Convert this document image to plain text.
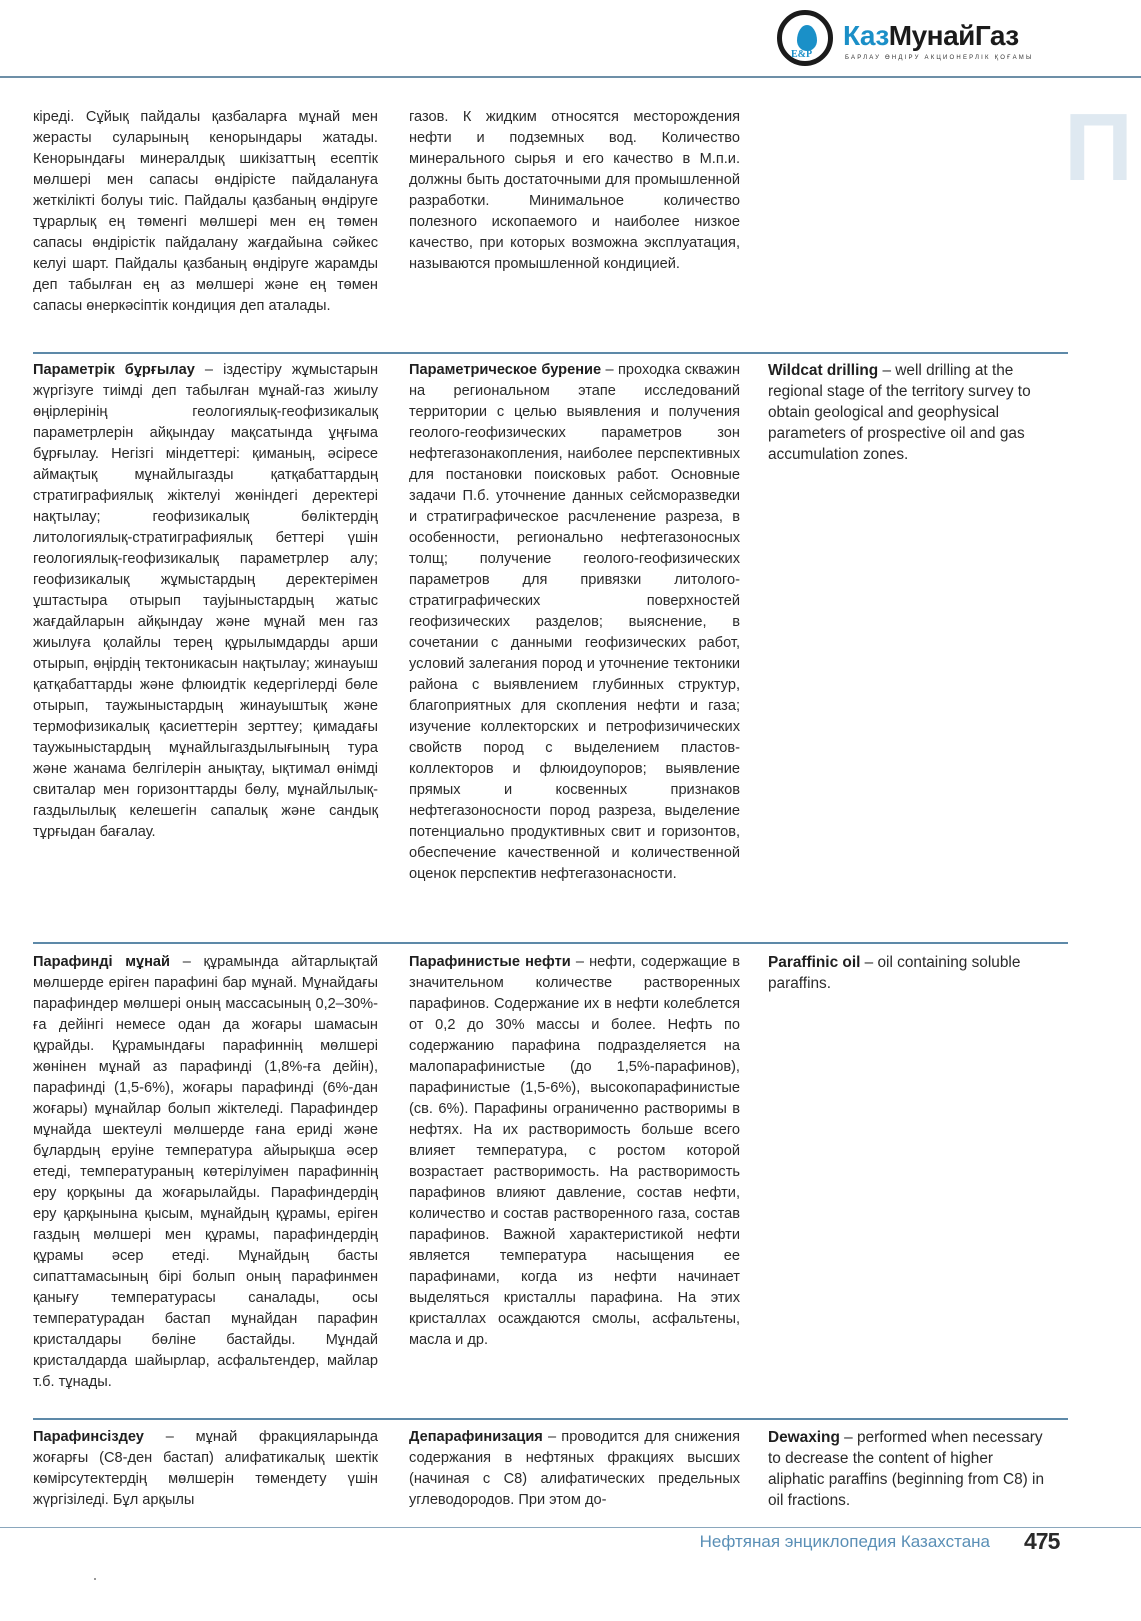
E&P
КазМунайГаз
БАРЛАУ ӨНДІРУ АКЦИОНЕРЛІК ҚОҒАМЫ
П
кіреді. Сұйық пайдалы қазбаларға мұнай мен жерасты суларының кенорындары жатады. Кенорындағы минералдық шикізаттың есептік мөлшері мен сапасы өндірісте пайдалануға жеткілікті болуы тиіс. Пайдалы қазбаның өндіруге тұрарлық ең төменгі мөлшері мен ең төмен сапасы өндірістік пайдалану жағдайына сәйкес келуі шарт. Пайдалы қазбаның өндіруге жарамды деп табылған ең аз мөлшері және ең төмен сапасы өнеркәсіптік кондиция деп аталады.
газов. К жидким относятся месторождения нефти и подземных вод. Количество минерального сырья и его качество в М.п.и. должны быть достаточными для промышленной разработки. Минимальное количество полезного ископаемого и наиболее низкое качество, при которых возможна эксплуатация, называются промышленной кондицией.
Параметрік бұрғылау – іздестіру жұмыстарын жүргізуге тиімді деп табылған мұнай-газ жиылу өңірлерінің геологиялық-геофизикалық параметрлерін айқындау мақсатында ұңғыма бұрғылау. Негізгі міндеттері: қиманың, әсіресе аймақтық мұнайлыгазды қатқабаттардың стратиграфиялық жіктелуі жөніндегі деректері нақтылау; геофизикалық бөліктердің литологиялық-стратиграфиялық беттері үшін геологиялық-геофизикалық параметрлер алу; геофизикалық жұмыстардың деректерімен ұштастыра отырып тауjыныстардың жатыс жағдайларын айқындау және мұнай мен газ жиылуға қолайлы терең құрылымдарды арши отырып, өңірдің тектоникасын нақтылау; жинауыш қатқабаттарды және флюидтік кедергілерді бөле отырып, таужыныстардың жинауыштық және термофизикалық қасиеттерін зерттеу; қимадағы таужыныстардың мұнайлыгаздылығының тура және жанама белгілерін анықтау, ықтимал өнімді свиталар мен горизонттарды бөлу, мұнайлылық-газдылылық келешегін сапалық және сандық тұрғыдан бағалау.
Параметрическое бурение – проходка скважин на региональном этапе исследований территории с целью выявления и получения геолого-геофизических параметров зон нефтегазонакопления, наиболее перспективных для постановки поисковых работ. Основные задачи П.б. уточнение данных сейсморазведки и стратиграфическое расчленение разреза, в особенности, регионально нефтегазоносных толщ; получение геолого-геофизических параметров для привязки литолого-стратиграфических поверхностей геофизических разделов; выяснение, в сочетании с данными геофизических работ, условий залегания пород и уточнение тектоники района с выявлением глубинных структур, благоприятных для скопления нефти и газа; изучение коллекторских и петрофизичических свойств пород с выделением пластов-коллекторов и флюидоупоров; выявление прямых и косвенных признаков нефтегазоносности пород разреза, выделение потенциально продуктивных свит и горизонтов, обеспечение качественной и количественной оценок перспектив нефтегазонасности.
Wildcat drilling – well drilling at the regional stage of the territory survey to obtain geological and geophysical parameters of prospective oil and gas accumulation zones.
Парафинді мұнай – құрамында айтарлықтай мөлшерде еріген парафині бар мұнай. Мұнайдағы парафиндер мөлшері оның массасының 0,2–30%-ға дейінгі немесе одан да жоғары шамасын құрайды. Құрамындағы парафиннің мөлшері жөнінен мұнай аз парафинді (1,8%-ға дейін), парафинді (1,5-6%), жоғары парафинді (6%-дан жоғары) мұнайлар болып жіктеледі. Парафиндер мұнайда шектеулі мөлшерде ғана ериді және бұлардың еруіне температура айырықша әсер етеді, температураның көтерілуімен парафиннің еру қорқыны да жоғарылайды. Парафиндердің еру қарқынына қысым, мұнайдың құрамы, еріген газдың мөлшері мен құрамы, парафиндердің құрамы әсер етеді. Мұнайдың басты сипаттамасының бірі болып оның парафинмен қанығу температурасы саналады, осы температурадан бастап мұнайдан парафин кристалдары бөліне бастайды. Мұндай кристалдарда шайырлар, асфальтендер, майлар т.б. тұнады.
Парафинистые нефти – нефти, содержащие в значительном количестве растворенных парафинов. Содержание их в нефти колеблется от 0,2 до 30% массы и более. Нефть по содержанию парафина подразделяется на малопарафинистые (до 1,5%-парафинов), парафинистые (1,5-6%), высокопарафинистые (св. 6%). Парафины ограниченно растворимы в нефтях. На их растворимость больше всего влияет температура, с ростом которой возрастает растворимость. На растворимость парафинов влияют давление, состав нефти, количество и состав растворенного газа, состав парафинов. Важной характеристикой нефти является температура насыщения ее парафинами, когда из нефти начинает выделяться кристаллы парафина. На этих кристаллах осаждаются смолы, асфальтены, масла и др.
Paraffinic oil – oil containing soluble paraffins.
Парафинсіздеу – мұнай фракцияларында жоғарғы (С8-ден бастап) алифатикалық шектік көмірсутектердің мөлшерін төмендету үшін жүргізіледі. Бұл арқылы
Депарафинизация – проводится для снижения содержания в нефтяных фракциях высших (начиная с С8) алифатических предельных углеводородов. При этом до-
Dewaxing – performed when necessary to decrease the content of higher aliphatic paraffins (beginning from C8) in oil fractions.
Нефтяная энциклопедия Казахстана 475
